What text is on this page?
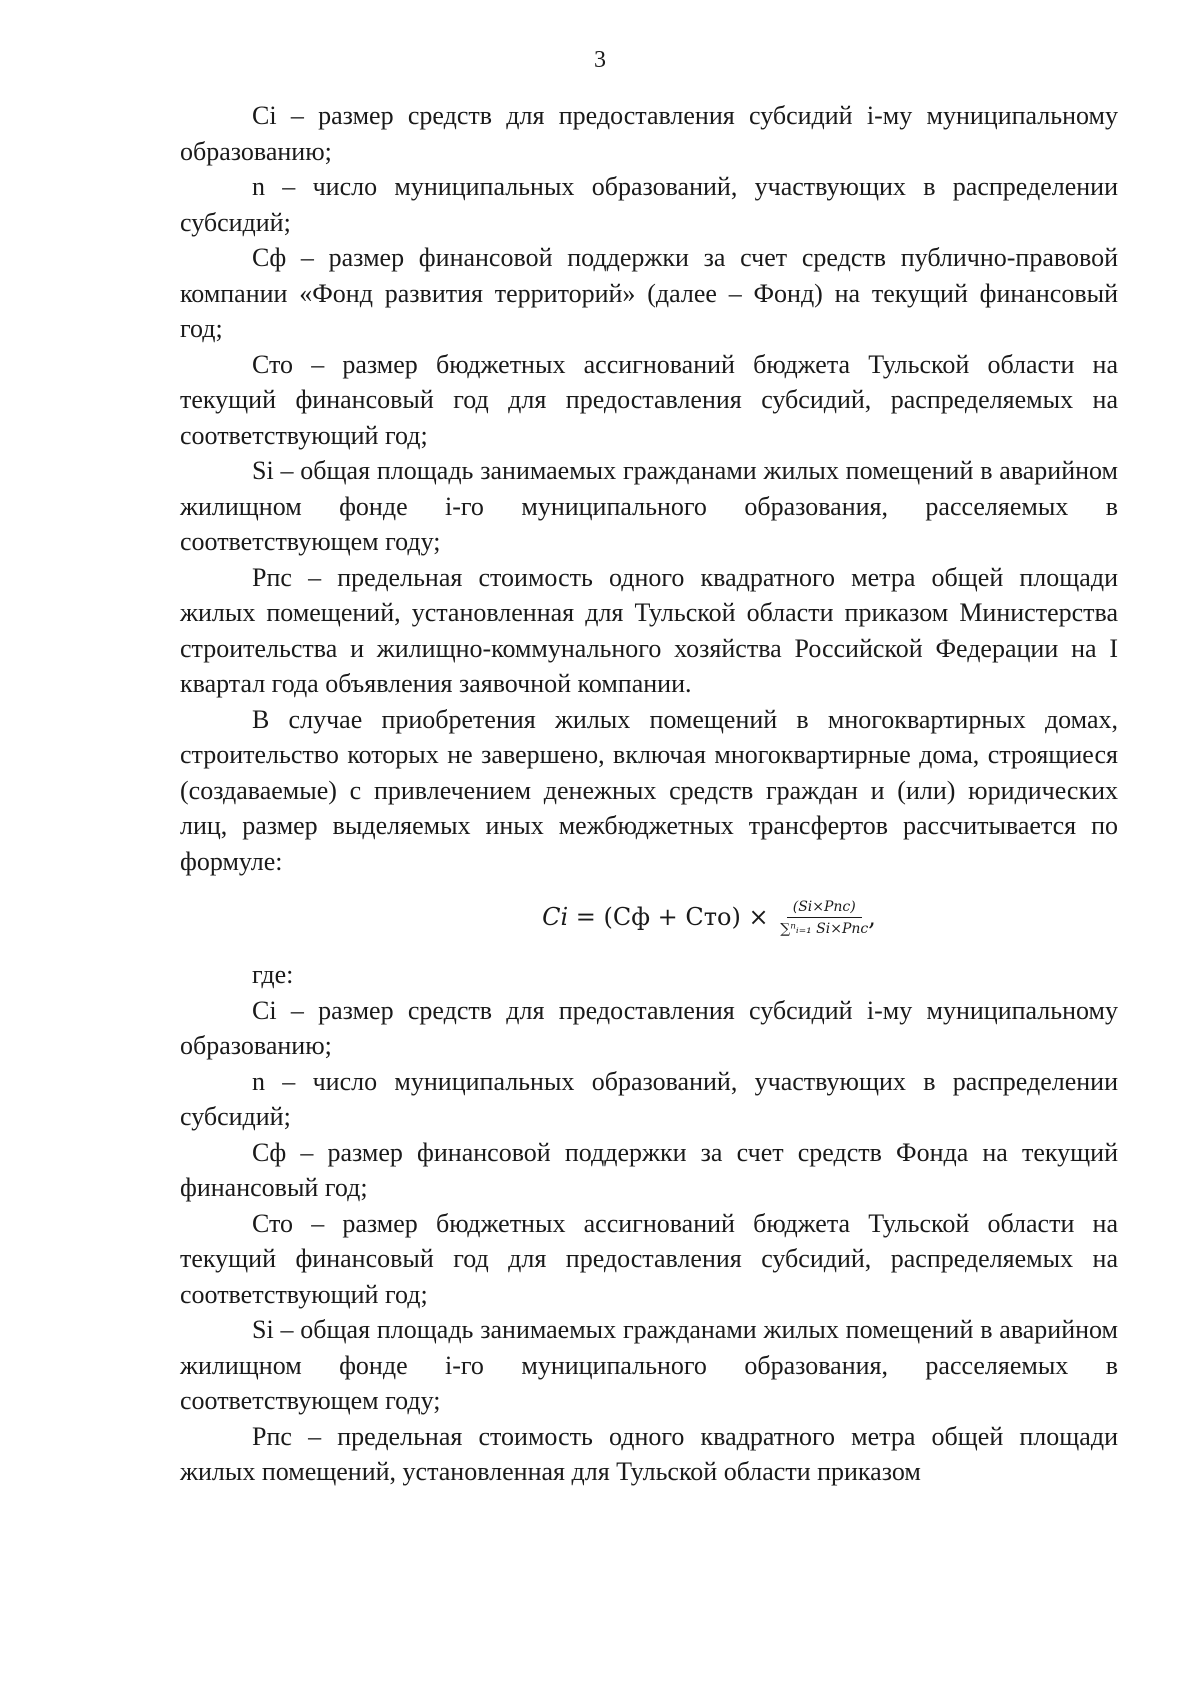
3

Ci – размер средств для предоставления субсидий i-му муниципальному образованию;

n – число муниципальных образований, участвующих в распределении субсидий;

Сф – размер финансовой поддержки за счет средств публично-правовой компании «Фонд развития территорий» (далее – Фонд) на текущий финансовый год;

Сто – размер бюджетных ассигнований бюджета Тульской области на текущий финансовый год для предоставления субсидий, распределяемых на соответствующий год;

Si – общая площадь занимаемых гражданами жилых помещений в аварийном жилищном фонде i-го муниципального образования, расселяемых в соответствующем году;

Рпс – предельная стоимость одного квадратного метра общей площади жилых помещений, установленная для Тульской области приказом Министерства строительства и жилищно-коммунального хозяйства Российской Федерации на I квартал года объявления заявочной компании.

В случае приобретения жилых помещений в многоквартирных домах, строительство которых не завершено, включая многоквартирные дома, строящиеся (создаваемые) с привлечением денежных средств граждан и (или) юридических лиц, размер выделяемых иных межбюджетных трансфертов рассчитывается по формуле:

$Ci = (Сф + Сто) \times \frac{\text{(Si×Рпс)}}{\text{∑ⁿᵢ₌₁ Si×Рпс}}$ ,

где:

Ci – размер средств для предоставления субсидий i-му муниципальному образованию;

n – число муниципальных образований, участвующих в распределении субсидий;

Сф – размер финансовой поддержки за счет средств Фонда на текущий финансовый год;

Сто – размер бюджетных ассигнований бюджета Тульской области на текущий финансовый год для предоставления субсидий, распределяемых на соответствующий год;

Si – общая площадь занимаемых гражданами жилых помещений в аварийном жилищном фонде i-го муниципального образования, расселяемых в соответствующем году;

Рпс – предельная стоимость одного квадратного метра общей площади жилых помещений, установленная для Тульской области приказом
